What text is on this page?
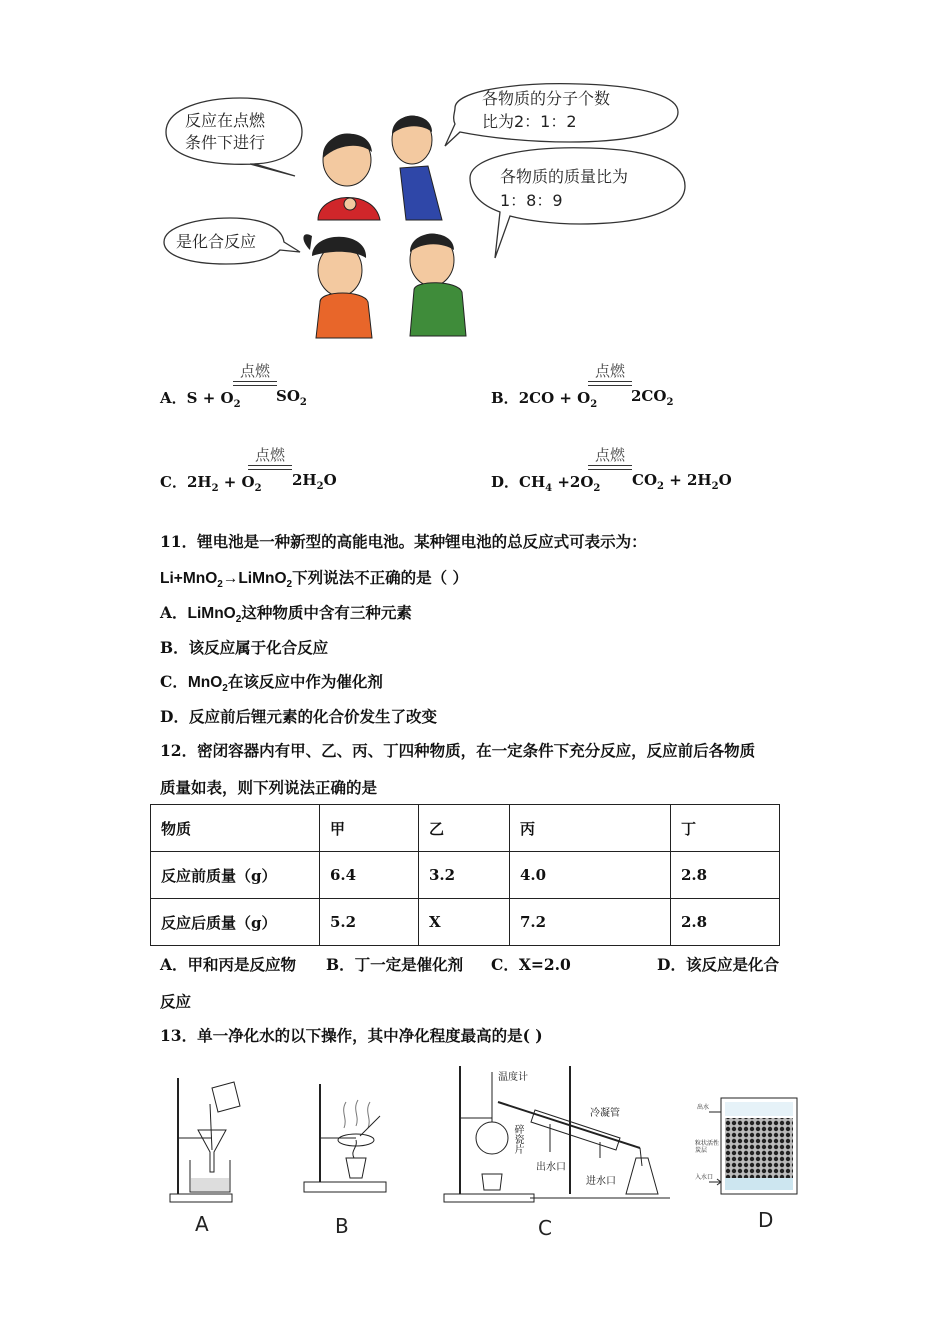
反应在点燃
条件下进行
各物质的分子个数
比为2：1：2
各物质的质量比为
1：8：9
是化合反应
A．$S + O_2$
点燃
$SO_2$	B．$2CO + O_2$
点燃
$2CO_2$
C．$2H_2 + O_2$
点燃
$2H_2O$	D．$CH_4 +2O_2$
点燃
$CO_2 + 2H_2O$
11．锂电池是一种新型的高能电池。某种锂电池的总反应式可表示为：
Li+MnO$_2$→LiMnO$_2$下列说法不正确的是（ ）
A．LiMnO$_2$这种物质中含有三种元素
B．该反应属于化合反应
C．MnO$_2$在该反应中作为催化剂
D．反应前后锂元素的化合价发生了改变
12．密闭容器内有甲、乙、丙、丁四种物质，在一定条件下充分反应，反应前后各物质
质量如表，则下列说法正确的是
物质	甲	乙	丙	丁
反应前质量（g）	6.4	3.2	4.0	2.8
反应后质量（g）	5.2	X	7.2	2.8
A．甲和丙是反应物 B．丁一定是催化剂 C．X=2.0	D．该反应是化合
反应
13．单一净化水的以下操作，其中净化程度最高的是( )
A	B
温度计
冷凝管
碎瓷片
出水口
进水口
C
出水
粒状活性炭层
入水口
D
